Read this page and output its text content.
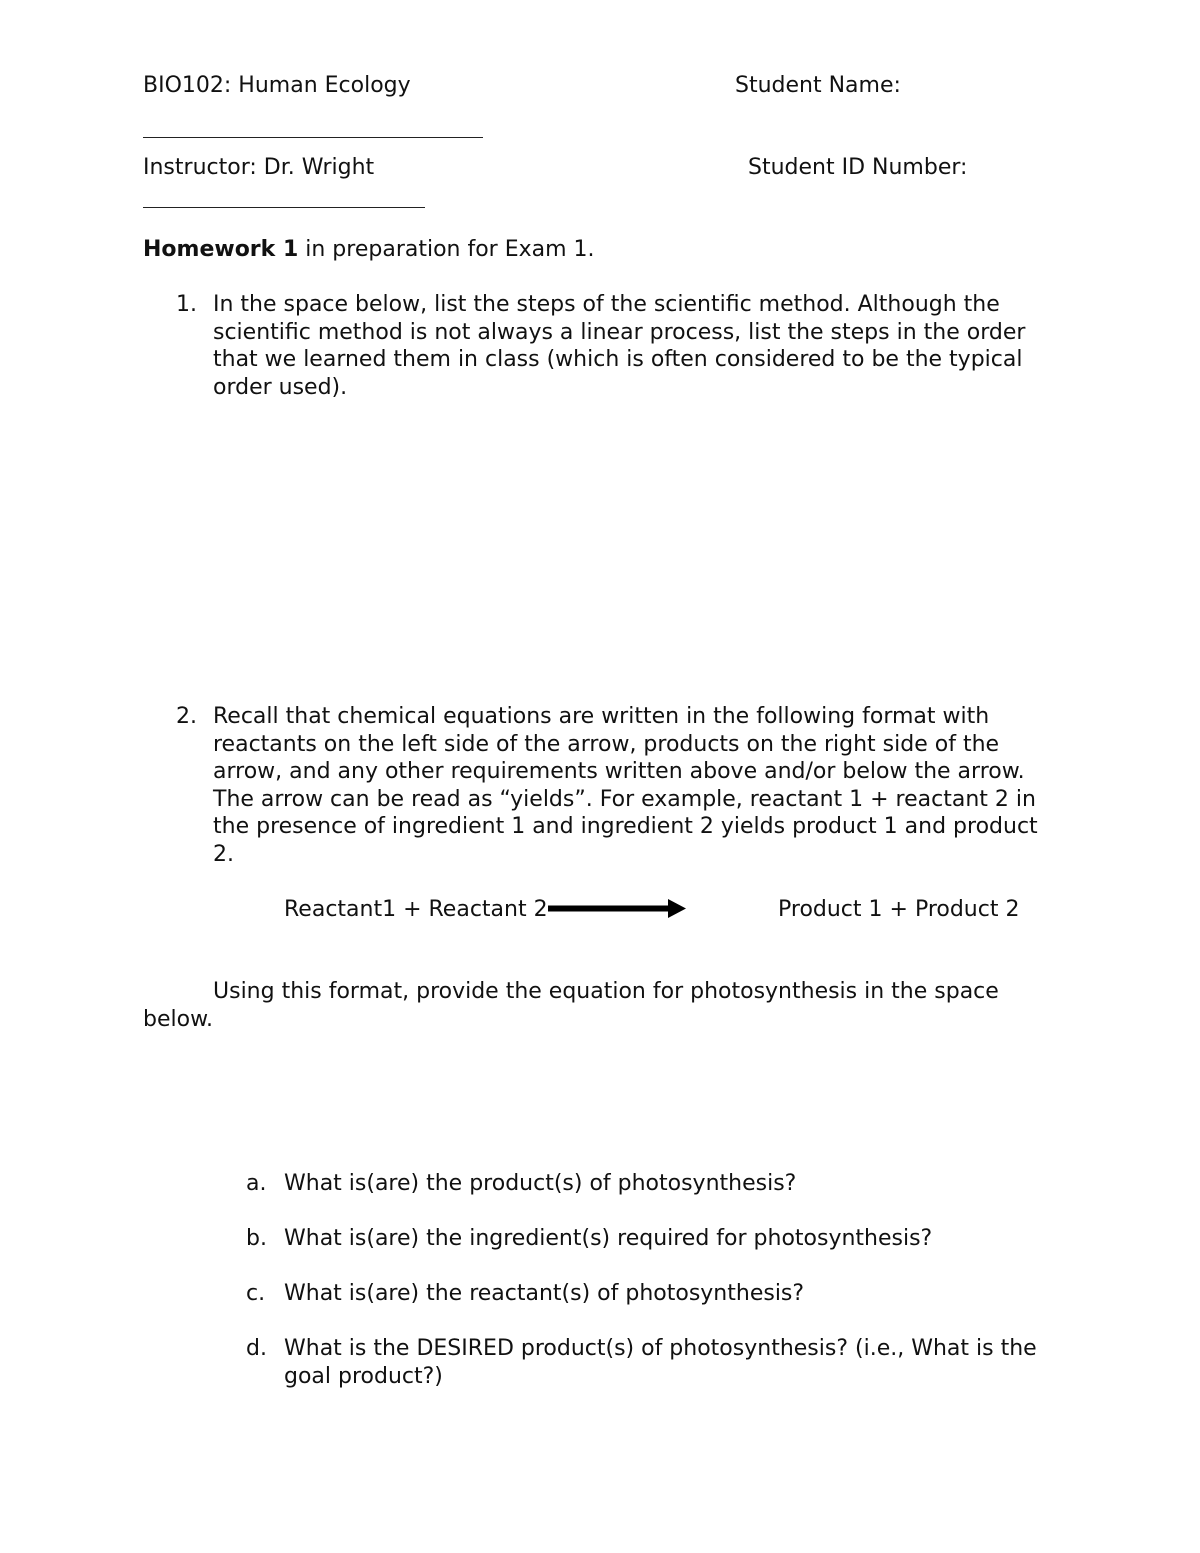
BIO102: Human Ecology	Student Name:
Instructor: Dr. Wright	Student ID Number:
Homework 1 in preparation for Exam 1.
1. In the space below, list the steps of the scientific method. Although the scientific method is not always a linear process, list the steps in the order that we learned them in class (which is often considered to be the typical order used).
2. Recall that chemical equations are written in the following format with reactants on the left side of the arrow, products on the right side of the arrow, and any other requirements written above and/or below the arrow. The arrow can be read as “yields”. For example, reactant 1 + reactant 2 in the presence of ingredient 1 and ingredient 2 yields product 1 and product 2.
Reactant1 + Reactant 2	Product 1 + Product 2
Using this format, provide the equation for photosynthesis in the space below.
a. What is(are) the product(s) of photosynthesis?
b. What is(are) the ingredient(s) required for photosynthesis?
c. What is(are) the reactant(s) of photosynthesis?
d. What is the DESIRED product(s) of photosynthesis? (i.e., What is the goal product?)
